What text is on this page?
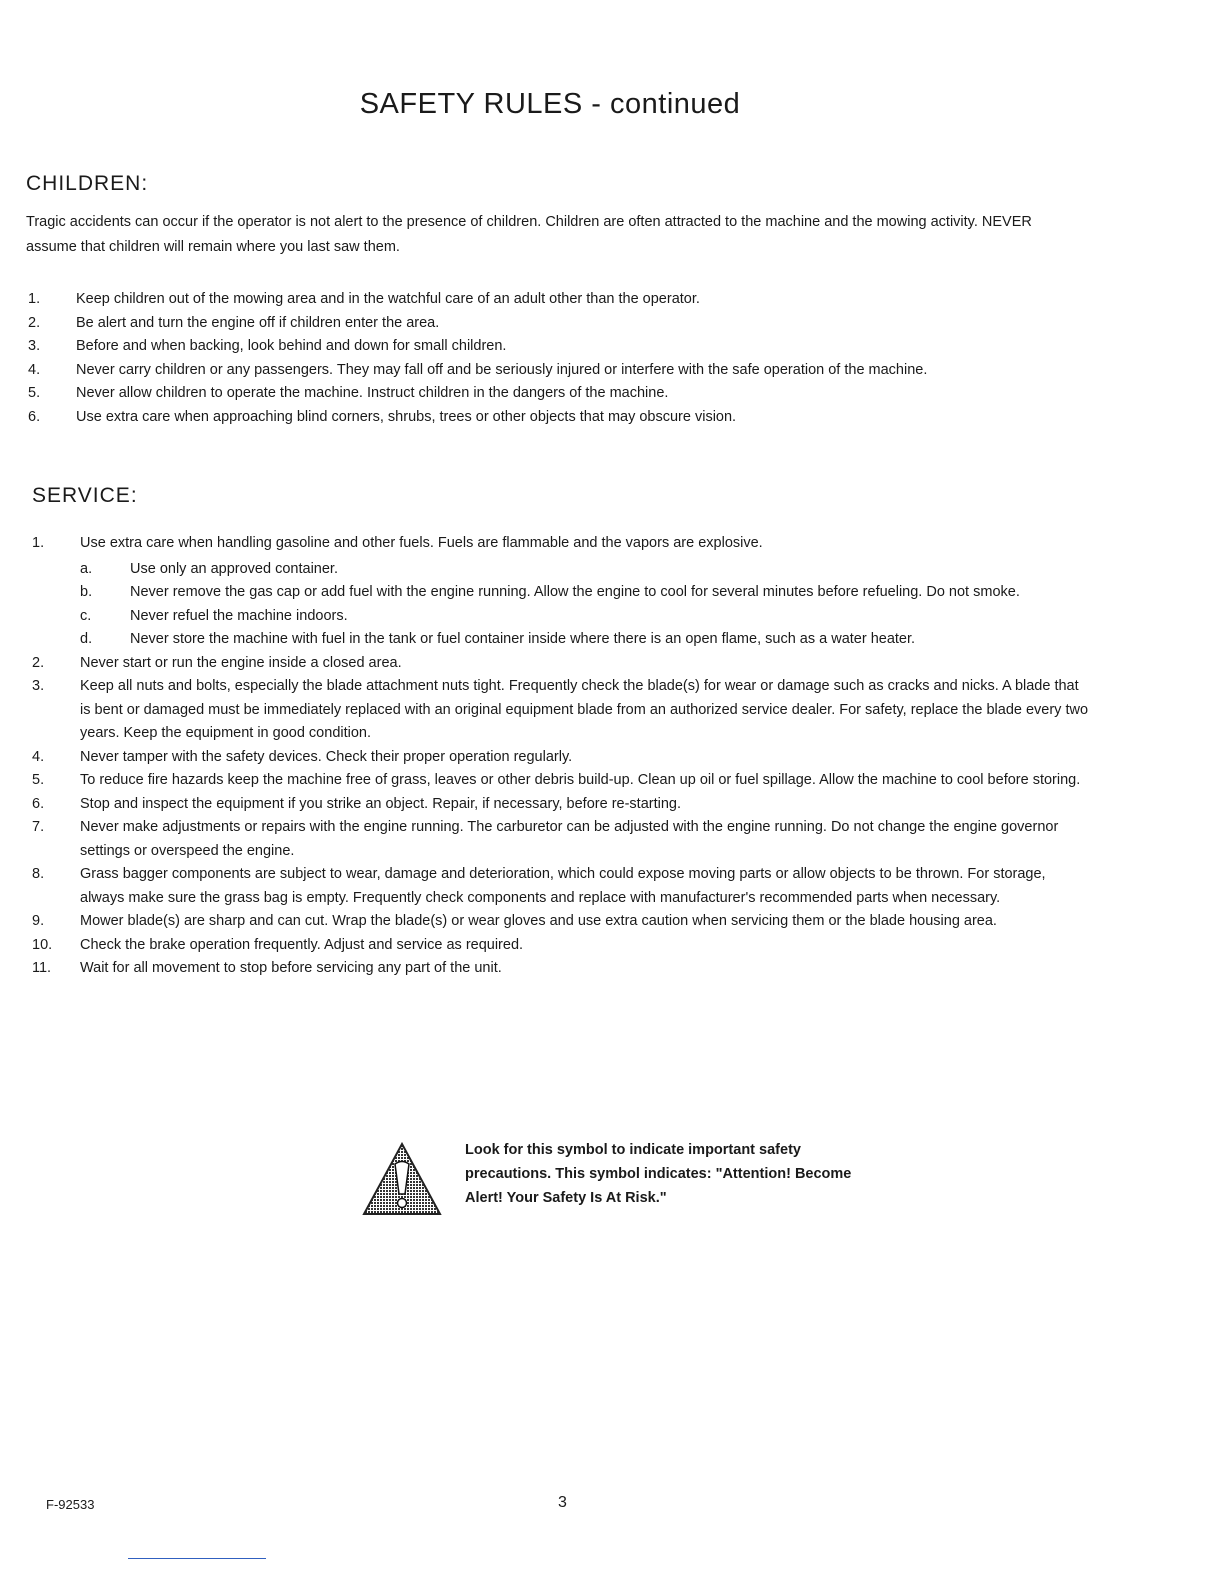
SAFETY RULES - continued
CHILDREN:
Tragic accidents can occur if the operator is not alert to the presence of children. Children are often attracted to the machine and the mowing activity. NEVER assume that children will remain where you last saw them.
1. Keep children out of the mowing area and in the watchful care of an adult other than the operator.
2. Be alert and turn the engine off if children enter the area.
3. Before and when backing, look behind and down for small children.
4. Never carry children or any passengers. They may fall off and be seriously injured or interfere with the safe operation of the machine.
5. Never allow children to operate the machine. Instruct children in the dangers of the machine.
6. Use extra care when approaching blind corners, shrubs, trees or other objects that may obscure vision.
SERVICE:
1. Use extra care when handling gasoline and other fuels. Fuels are flammable and the vapors are explosive.
a.	Use only an approved container.
b.	Never remove the gas cap or add fuel with the engine running. Allow the engine to cool for several minutes before refueling. Do not smoke.
c.	Never refuel the machine indoors.
d.	Never store the machine with fuel in the tank or fuel container inside where there is an open flame, such as a water heater.
2. Never start or run the engine inside a closed area.
3. Keep all nuts and bolts, especially the blade attachment nuts tight. Frequently check the blade(s) for wear or damage such as cracks and nicks. A blade that is bent or damaged must be immediately replaced with an original equipment blade from an authorized service dealer. For safety, replace the blade every two years. Keep the equipment in good condition.
4. Never tamper with the safety devices. Check their proper operation regularly.
5. To reduce fire hazards keep the machine free of grass, leaves or other debris build-up. Clean up oil or fuel spillage. Allow the machine to cool before storing.
6. Stop and inspect the equipment if you strike an object. Repair, if necessary, before re-starting.
7. Never make adjustments or repairs with the engine running. The carburetor can be adjusted with the engine running. Do not change the engine governor settings or overspeed the engine.
8. Grass bagger components are subject to wear, damage and deterioration, which could expose moving parts or allow objects to be thrown. For storage, always make sure the grass bag is empty. Frequently check components and replace with manufacturer's recommended parts when necessary.
9. Mower blade(s) are sharp and can cut. Wrap the blade(s) or wear gloves and use extra caution when servicing them or the blade housing area.
10. Check the brake operation frequently. Adjust and service as required.
11. Wait for all movement to stop before servicing any part of the unit.
Look for this symbol to indicate important safety precautions. This symbol indicates: "Attention! Become Alert! Your Safety Is At Risk."
F-92533	3
